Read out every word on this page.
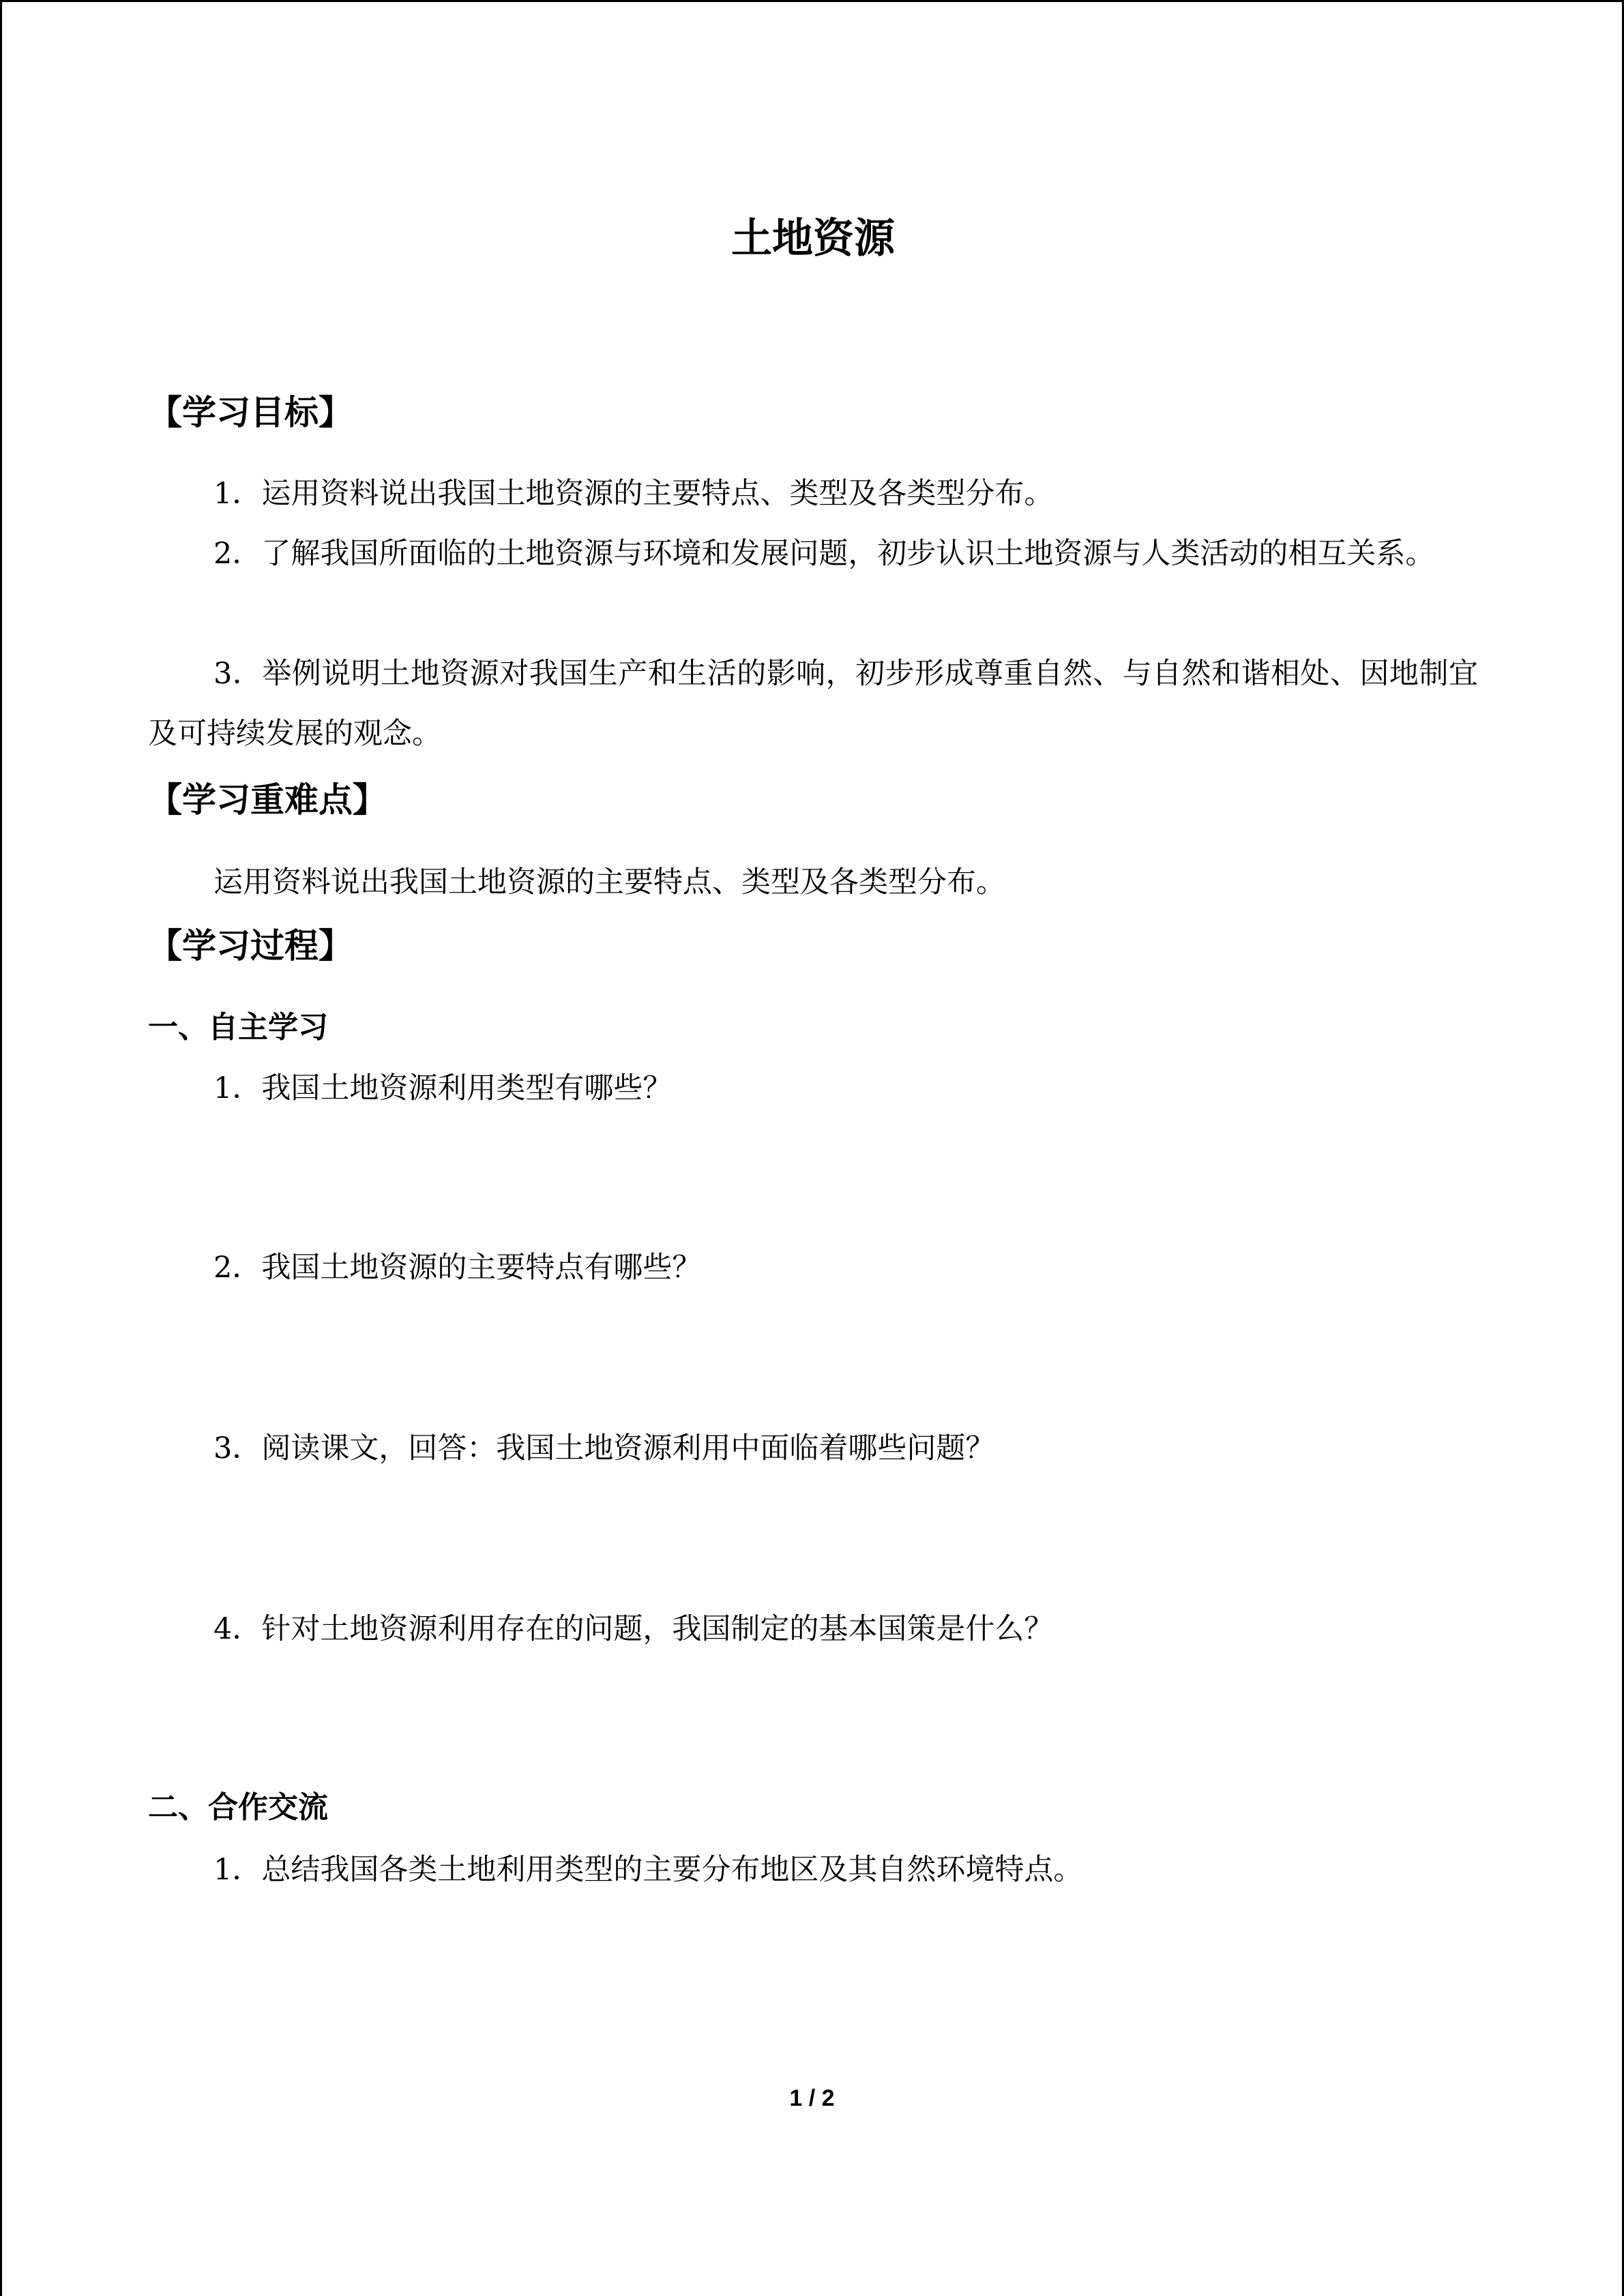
土地资源
【学习目标】
1．运用资料说出我国土地资源的主要特点、类型及各类型分布。
2．了解我国所面临的土地资源与环境和发展问题，初步认识土地资源与人类活动的相互关系。
3．举例说明土地资源对我国生产和生活的影响，初步形成尊重自然、与自然和谐相处、因地制宜及可持续发展的观念。
【学习重难点】
运用资料说出我国土地资源的主要特点、类型及各类型分布。
【学习过程】
一、自主学习
1．我国土地资源利用类型有哪些？
2．我国土地资源的主要特点有哪些？
3．阅读课文，回答：我国土地资源利用中面临着哪些问题？
4．针对土地资源利用存在的问题，我国制定的基本国策是什么？
二、合作交流
1．总结我国各类土地利用类型的主要分布地区及其自然环境特点。
1 / 2
